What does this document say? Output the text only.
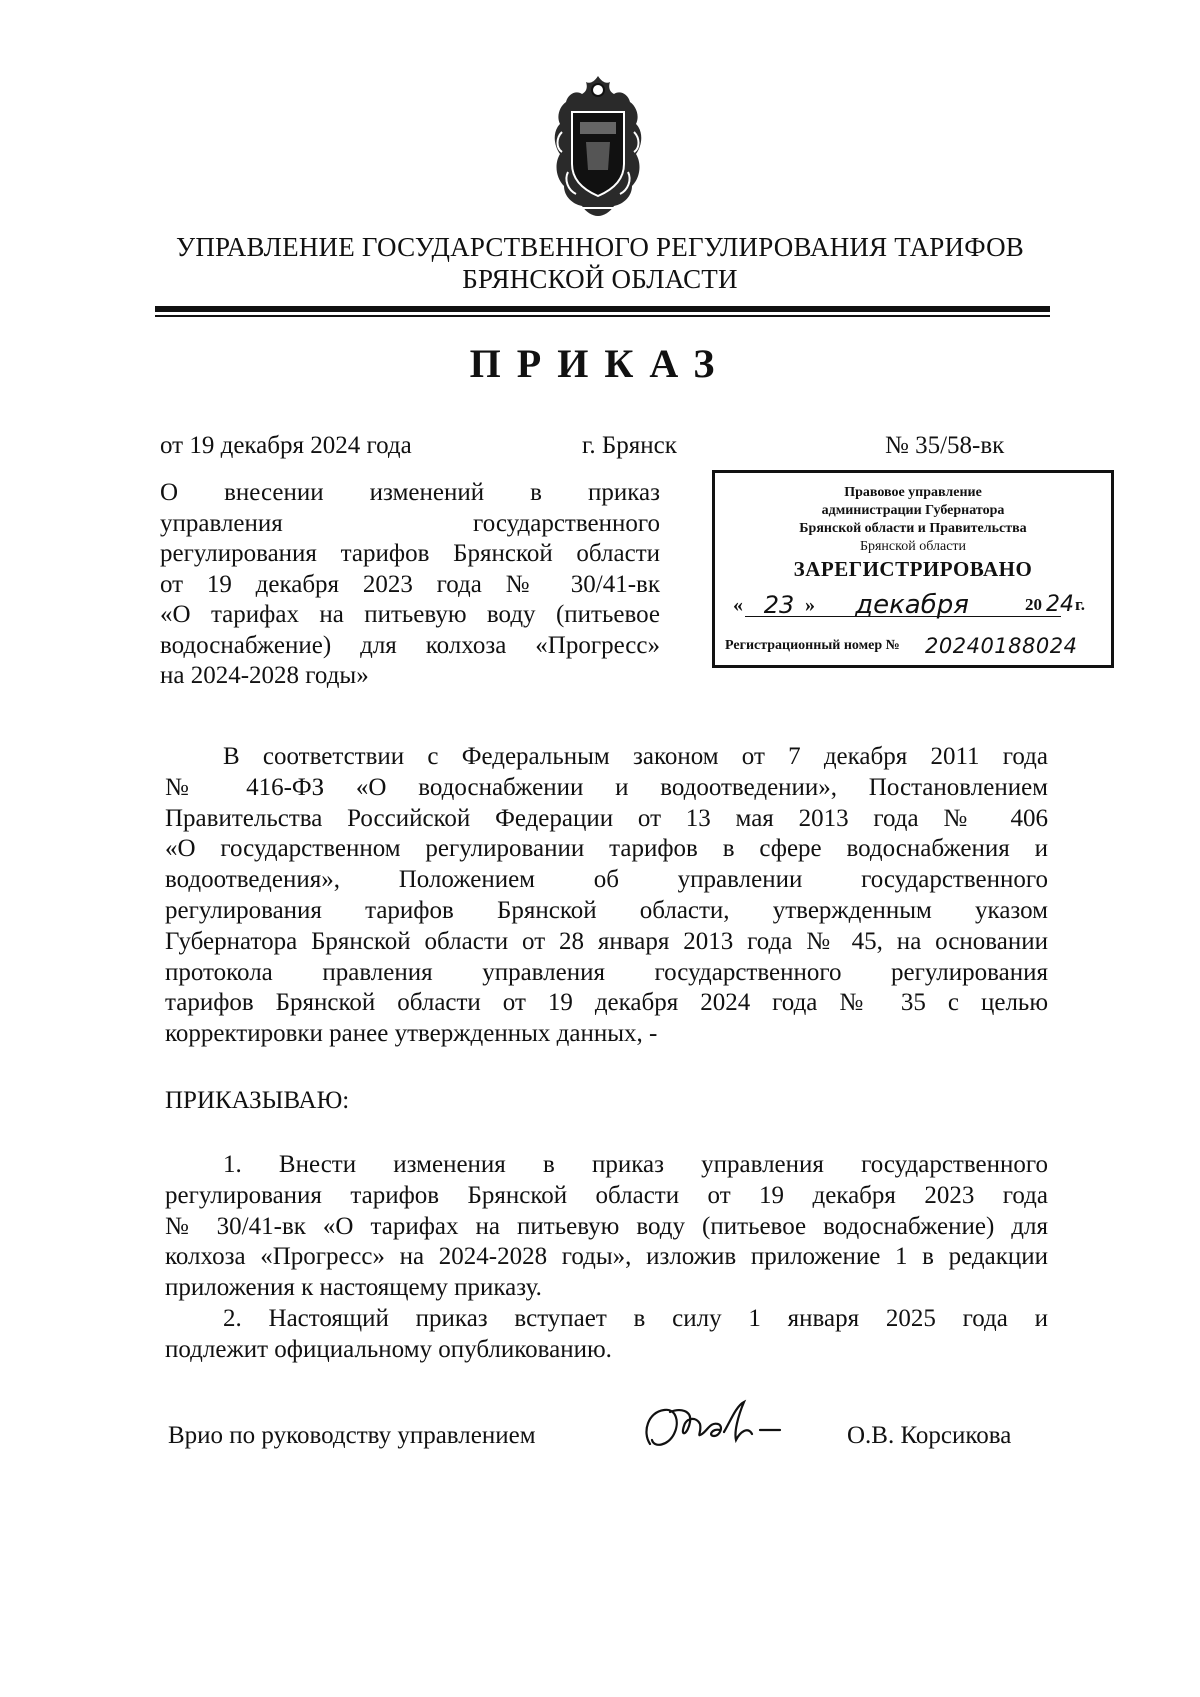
УПРАВЛЕНИЕ ГОСУДАРСТВЕННОГО РЕГУЛИРОВАНИЯ ТАРИФОВ
БРЯНСКОЙ ОБЛАСТИ
ПРИКАЗ
от 19 декабря 2024 года	г. Брянск	№ 35/58-вк
О внесении изменений в приказ
управления государственного
регулирования тарифов Брянской области
от 19 декабря 2023 года № 30/41-вк
«О тарифах на питьевую воду (питьевое
водоснабжение) для колхоза «Прогресс»
на 2024-2028 годы»
Правовое управление
администрации Губернатора
Брянской области и Правительства
Брянской области
ЗАРЕГИСТРИРОВАНО
« 23 »	декабря	20 24 г.
Регистрационный номер № 20240188024
В соответствии с Федеральным законом от 7 декабря 2011 года
№ 416-ФЗ «О водоснабжении и водоотведении», Постановлением
Правительства Российской Федерации от 13 мая 2013 года № 406
«О государственном регулировании тарифов в сфере водоснабжения и
водоотведения», Положением об управлении государственного
регулирования тарифов Брянской области, утвержденным указом
Губернатора Брянской области от 28 января 2013 года № 45, на основании
протокола правления управления государственного регулирования
тарифов Брянской области от 19 декабря 2024 года № 35 с целью
корректировки ранее утвержденных данных, -
ПРИКАЗЫВАЮ:
1. Внести изменения в приказ управления государственного
регулирования тарифов Брянской области от 19 декабря 2023 года
№ 30/41-вк «О тарифах на питьевую воду (питьевое водоснабжение) для
колхоза «Прогресс» на 2024-2028 годы», изложив приложение 1 в редакции
приложения к настоящему приказу.
2. Настоящий приказ вступает в силу 1 января 2025 года и
подлежит официальному опубликованию.
Врио по руководству управлением	О.В. Корсикова
